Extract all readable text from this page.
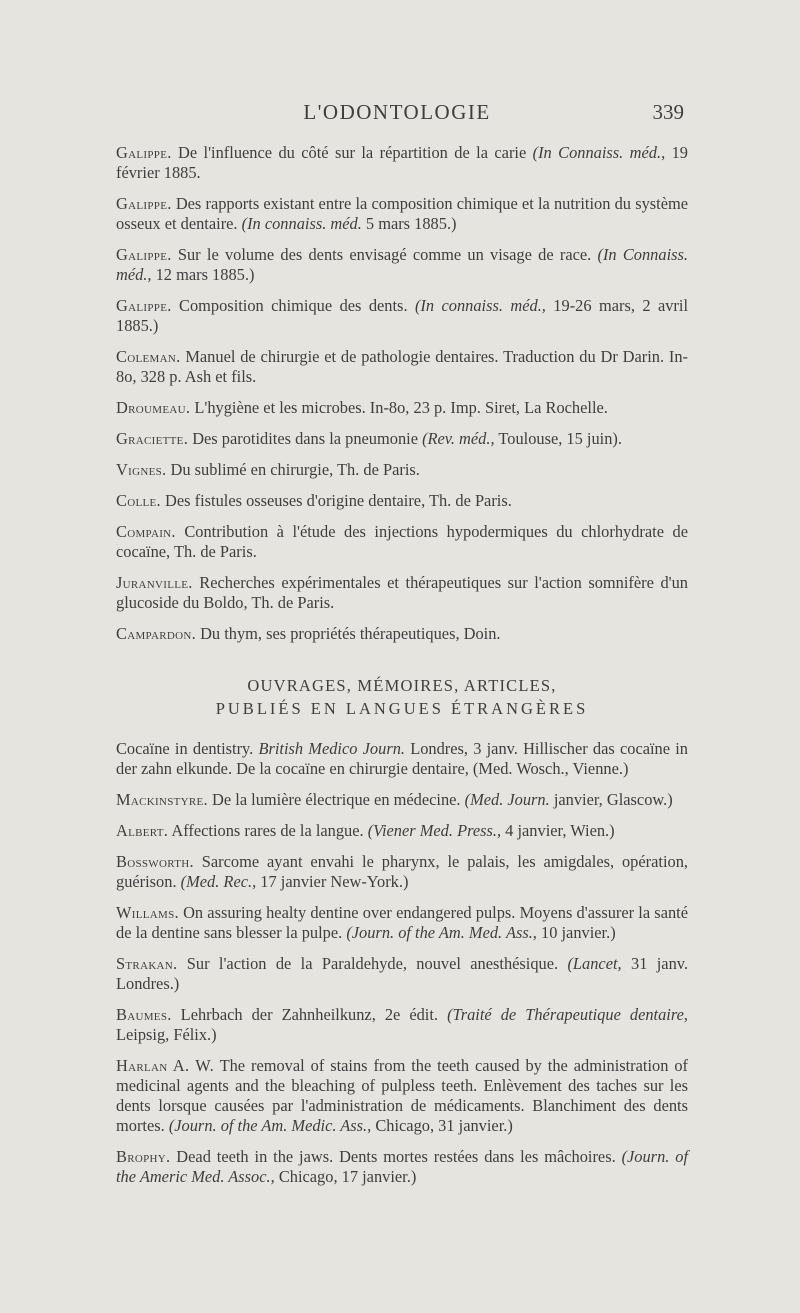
L'ODONTOLOGIE	339

Galippe. De l'influence du côté sur la répartition de la carie (In Connaiss. méd., 19 février 1885.

Galippe. Des rapports existant entre la composition chimique et la nutrition du système osseux et dentaire. (In connaiss. méd. 5 mars 1885.)

Galippe. Sur le volume des dents envisagé comme un visage de race. (In Connaiss. méd., 12 mars 1885.)

Galippe. Composition chimique des dents. (In connaiss. méd., 19-26 mars, 2 avril 1885.)

Coleman. Manuel de chirurgie et de pathologie dentaires. Traduction du Dr Darin. In-8o, 328 p. Ash et fils.

Droumeau. L'hygiène et les microbes. In-8o, 23 p. Imp. Siret, La Rochelle.

Graciette. Des parotidites dans la pneumonie (Rev. méd., Toulouse, 15 juin).

Vignes. Du sublimé en chirurgie, Th. de Paris.

Colle. Des fistules osseuses d'origine dentaire, Th. de Paris.

Compain. Contribution à l'étude des injections hypodermiques du chlorhydrate de cocaïne, Th. de Paris.

Juranville. Recherches expérimentales et thérapeutiques sur l'action somnifère d'un glucoside du Boldo, Th. de Paris.

Campardon. Du thym, ses propriétés thérapeutiques, Doin.

OUVRAGES, MÉMOIRES, ARTICLES,
PUBLIÉS EN LANGUES ÉTRANGÈRES

Cocaïne in dentistry. British Medico Journ. Londres, 3 janv. Hillischer das cocaïne in der zahn elkunde. De la cocaïne en chirurgie dentaire, (Med. Wosch., Vienne.)

Mackinstyre. De la lumière électrique en médecine. (Med. Journ. janvier, Glascow.)

Albert. Affections rares de la langue. (Viener Med. Press., 4 janvier, Wien.)

Bossworth. Sarcome ayant envahi le pharynx, le palais, les amigdales, opération, guérison. (Med. Rec., 17 janvier New-York.)

Willams. On assuring healty dentine over endangered pulps. Moyens d'assurer la santé de la dentine sans blesser la pulpe. (Journ. of the Am. Med. Ass., 10 janvier.)

Strakan. Sur l'action de la Paraldehyde, nouvel anesthésique. (Lancet, 31 janv. Londres.)

Baumes. Lehrbach der Zahnheilkunz, 2e édit. (Traité de Thérapeutique dentaire, Leipsig, Félix.)

Harlan A. W. The removal of stains from the teeth caused by the administration of medicinal agents and the bleaching of pulpless teeth. Enlèvement des taches sur les dents lorsque causées par l'administration de médicaments. Blanchiment des dents mortes. (Journ. of the Am. Medic. Ass., Chicago, 31 janvier.)

Brophy. Dead teeth in the jaws. Dents mortes restées dans les mâchoires. (Journ. of the Americ Med. Assoc., Chicago, 17 janvier.)
